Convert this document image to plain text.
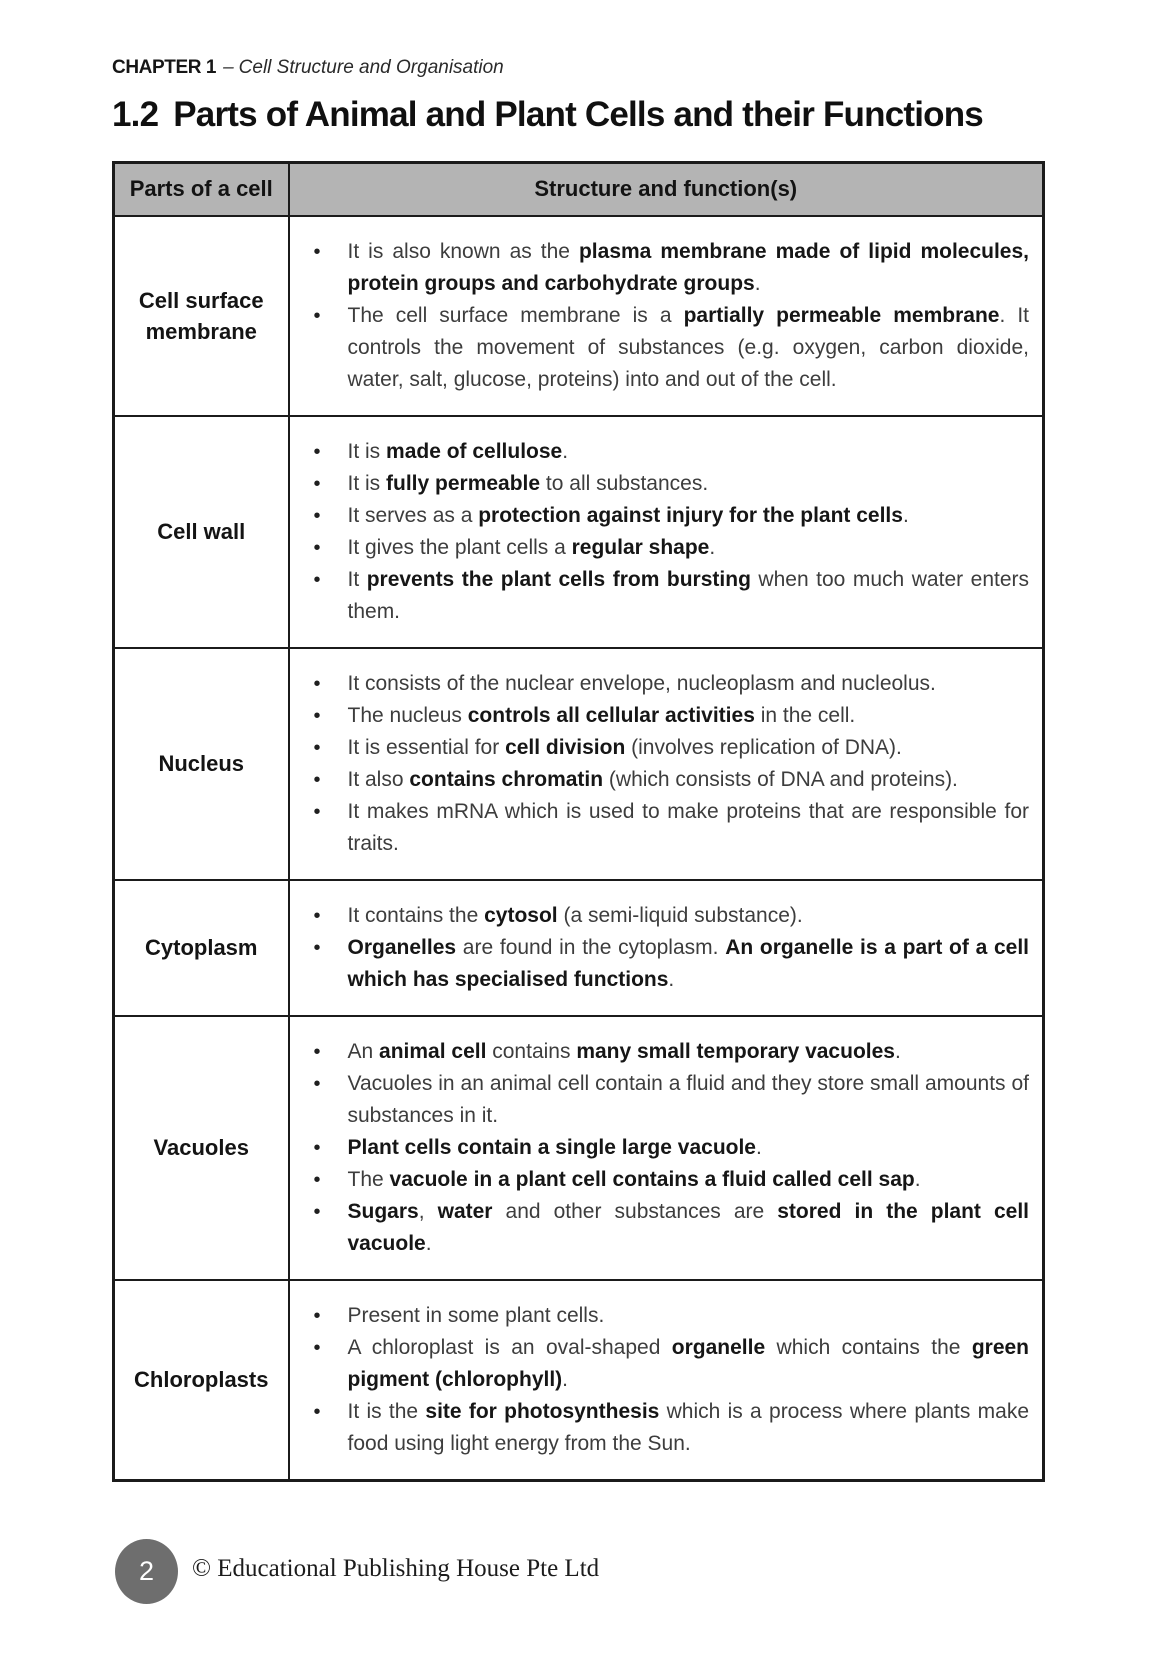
CHAPTER 1 – Cell Structure and Organisation
1.2 Parts of Animal and Plant Cells and their Functions
Parts of a cell	Structure and function(s)
Cell surface membrane	
• It is also known as the plasma membrane made of lipid molecules, protein groups and carbohydrate groups.
• The cell surface membrane is a partially permeable membrane. It controls the movement of substances (e.g. oxygen, carbon dioxide, water, salt, glucose, proteins) into and out of the cell.

Cell wall	
• It is made of cellulose.
• It is fully permeable to all substances.
• It serves as a protection against injury for the plant cells.
• It gives the plant cells a regular shape.
• It prevents the plant cells from bursting when too much water enters them.

Nucleus	
• It consists of the nuclear envelope, nucleoplasm and nucleolus.
• The nucleus controls all cellular activities in the cell.
• It is essential for cell division (involves replication of DNA).
• It also contains chromatin (which consists of DNA and proteins).
• It makes mRNA which is used to make proteins that are responsible for traits.

Cytoplasm	
• It contains the cytosol (a semi-liquid substance).
• Organelles are found in the cytoplasm. An organelle is a part of a cell which has specialised functions.

Vacuoles	
• An animal cell contains many small temporary vacuoles.
• Vacuoles in an animal cell contain a fluid and they store small amounts of substances in it.
• Plant cells contain a single large vacuole.
• The vacuole in a plant cell contains a fluid called cell sap.
• Sugars, water and other substances are stored in the plant cell vacuole.

Chloroplasts	
• Present in some plant cells.
• A chloroplast is an oval-shaped organelle which contains the green pigment (chlorophyll).
• It is the site for photosynthesis which is a process where plants make food using light energy from the Sun.
2 © Educational Publishing House Pte Ltd
